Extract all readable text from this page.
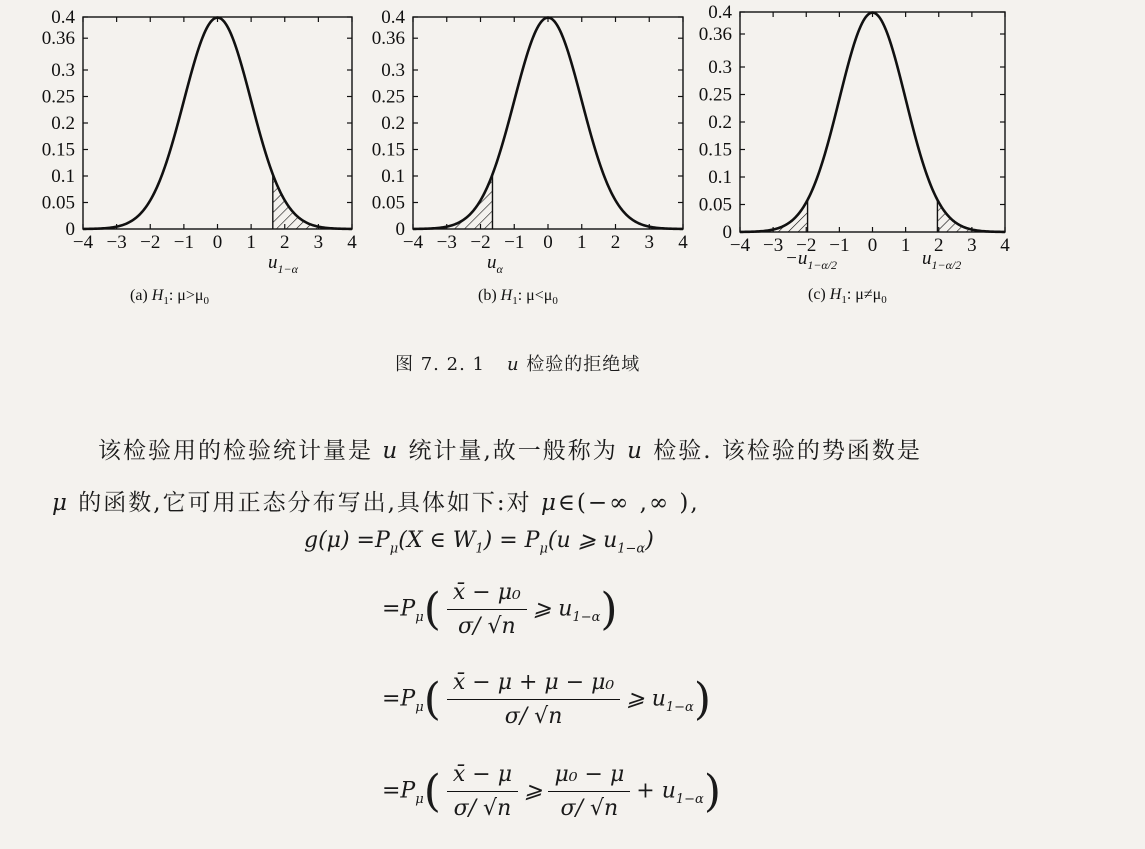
−4 −3 −2 −1 0 1 2 3 4
0
0.05
0.1
0.15
0.2
0.25
0.3
0.36
0.4
$u_{1-\alpha}$
(a) $H_1$: $\mu>\mu_0$
−4 −3 −2 −1 0 1 2 3 4
0
0.05
0.1
0.15
0.2
0.25
0.3
0.36
0.4
$u_\alpha$
(b) $H_1$: $\mu<\mu_0$
−4 −3 −2 −1 0 1 2 3 4
0
0.05
0.1
0.15
0.2
0.25
0.3
0.36
0.4
$-u_{1-\alpha/2}$	$u_{1-\alpha/2}$
(c) $H_1$: $\mu\ne\mu_0$
图 7. 2. 1 u 检验的拒绝域
该检验用的检验统计量是 u 统计量,故一般称为 u 检验. 该检验的势函数是
μ 的函数,它可用正态分布写出,具体如下:对 μ∈(−∞ ,∞ ),
$g(\mu) =P_\mu(X$ ∈ $W_1) = P_\mu(u$ ⩾ $u_{1-\alpha}$)
$=P_\mu( \frac{\text{x̄ − μ₀}}{\sigma/ √n}$ ⩾ $u_{1-\alpha}$)
$=P_\mu( \frac{\text{x̄ − μ + μ − μ₀}}{\sigma/ √n}$ ⩾ $u_{1-\alpha}$)
$=P_\mu( \frac{x̄ - \mu}{\sigma/ √n}$ ⩾ $\frac{\text{μ₀ − μ}}{\sigma/ √n} + u_{1-\alpha}$)
